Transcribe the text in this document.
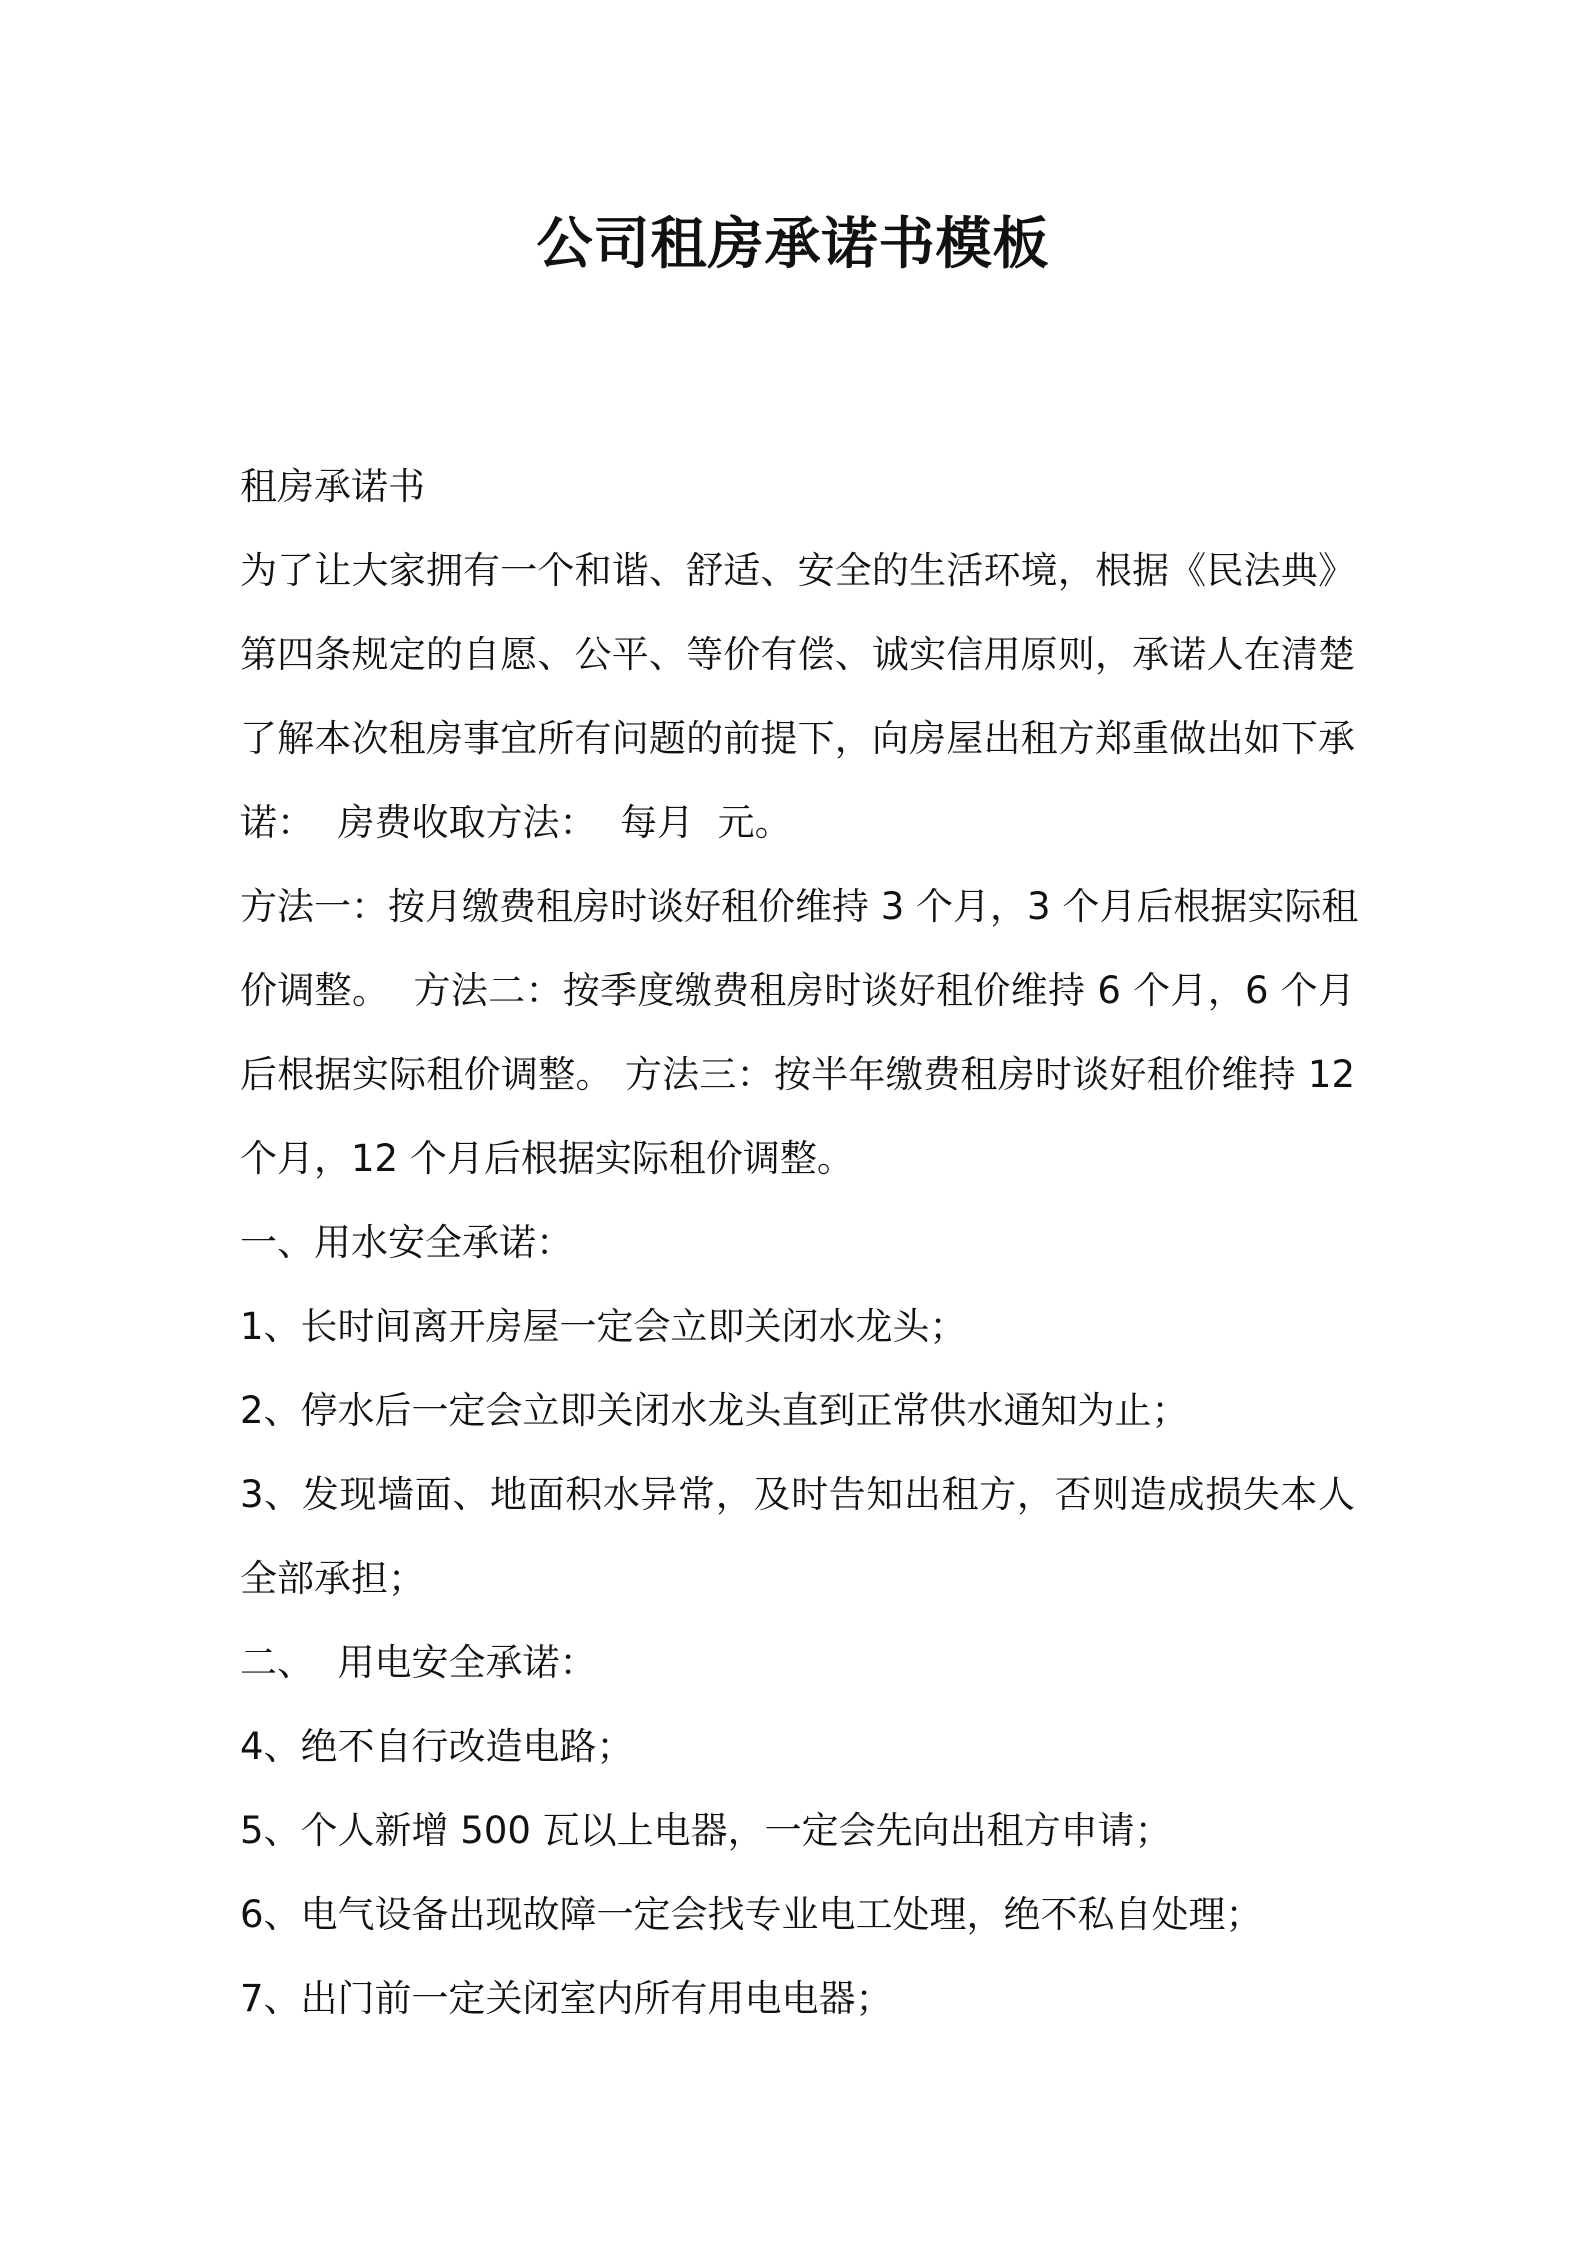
公司租房承诺书模板

租房承诺书

为了让大家拥有一个和谐、舒适、安全的生活环境，根据《民法典》

第四条规定的自愿、公平、等价有偿、诚实信用原则，承诺人在清楚

了解本次租房事宜所有问题的前提下，向房屋出租方郑重做出如下承

诺：  房费收取方法：  每月  元。

方法一：按月缴费租房时谈好租价维持 3 个月，3 个月后根据实际租

价调整。  方法二：按季度缴费租房时谈好租价维持 6 个月，6 个月

后根据实际租价调整。 方法三：按半年缴费租房时谈好租价维持 12

个月，12 个月后根据实际租价调整。

一、用水安全承诺：

1、长时间离开房屋一定会立即关闭水龙头；

2、停水后一定会立即关闭水龙头直到正常供水通知为止；

3、发现墙面、地面积水异常，及时告知出租方，否则造成损失本人

全部承担；

二、  用电安全承诺：

4、绝不自行改造电路；

5、个人新增 500 瓦以上电器，一定会先向出租方申请；

6、电气设备出现故障一定会找专业电工处理，绝不私自处理；

7、出门前一定关闭室内所有用电电器；
